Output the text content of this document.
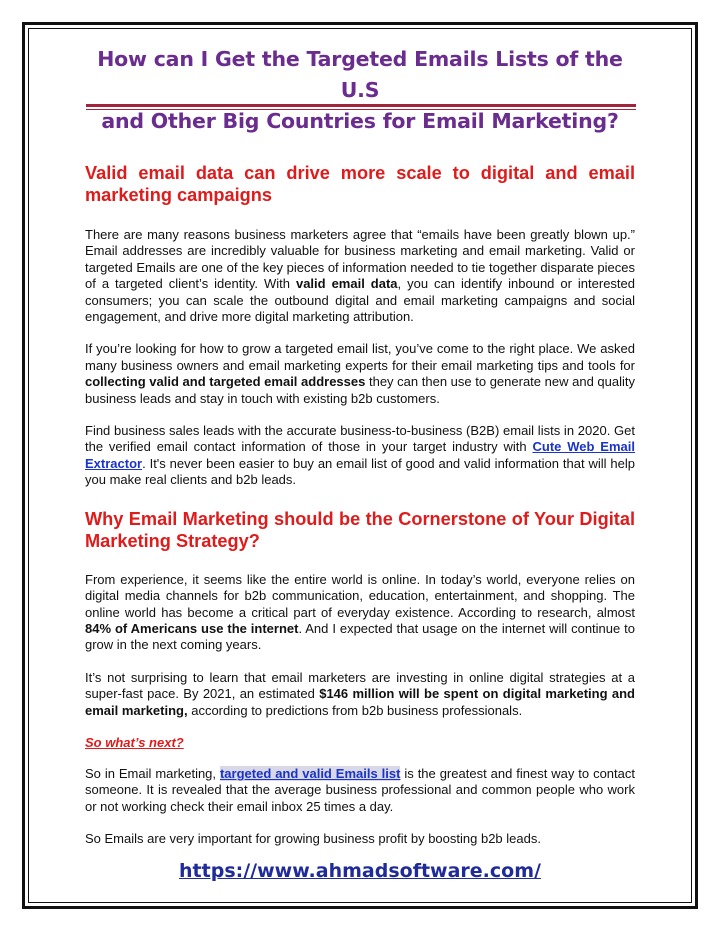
How can I Get the Targeted Emails Lists of the U.S
and Other Big Countries for Email Marketing?
Valid email data can drive more scale to digital and email marketing campaigns

There are many reasons business marketers agree that “emails have been greatly blown up.” Email addresses are incredibly valuable for business marketing and email marketing. Valid or targeted Emails are one of the key pieces of information needed to tie together disparate pieces of a targeted client’s identity. With valid email data, you can identify inbound or interested consumers; you can scale the outbound digital and email marketing campaigns and social engagement, and drive more digital marketing attribution.

If you’re looking for how to grow a targeted email list, you’ve come to the right place. We asked many business owners and email marketing experts for their email marketing tips and tools for collecting valid and targeted email addresses they can then use to generate new and quality business leads and stay in touch with existing b2b customers.

Find business sales leads with the accurate business-to-business (B2B) email lists in 2020. Get the verified email contact information of those in your target industry with Cute Web Email Extractor. It's never been easier to buy an email list of good and valid information that will help you make real clients and b2b leads.

Why Email Marketing should be the Cornerstone of Your Digital Marketing Strategy?

From experience, it seems like the entire world is online. In today’s world, everyone relies on digital media channels for b2b communication, education, entertainment, and shopping. The online world has become a critical part of everyday existence. According to research, almost 84% of Americans use the internet. And I expected that usage on the internet will continue to grow in the next coming years.

It’s not surprising to learn that email marketers are investing in online digital strategies at a super-fast pace. By 2021, an estimated $146 million will be spent on digital marketing and email marketing, according to predictions from b2b business professionals.

So what’s next?

So in Email marketing, targeted and valid Emails list is the greatest and finest way to contact someone. It is revealed that the average business professional and common people who work or not working check their email inbox 25 times a day.

So Emails are very important for growing business profit by boosting b2b leads.

https://www.ahmadsoftware.com/
